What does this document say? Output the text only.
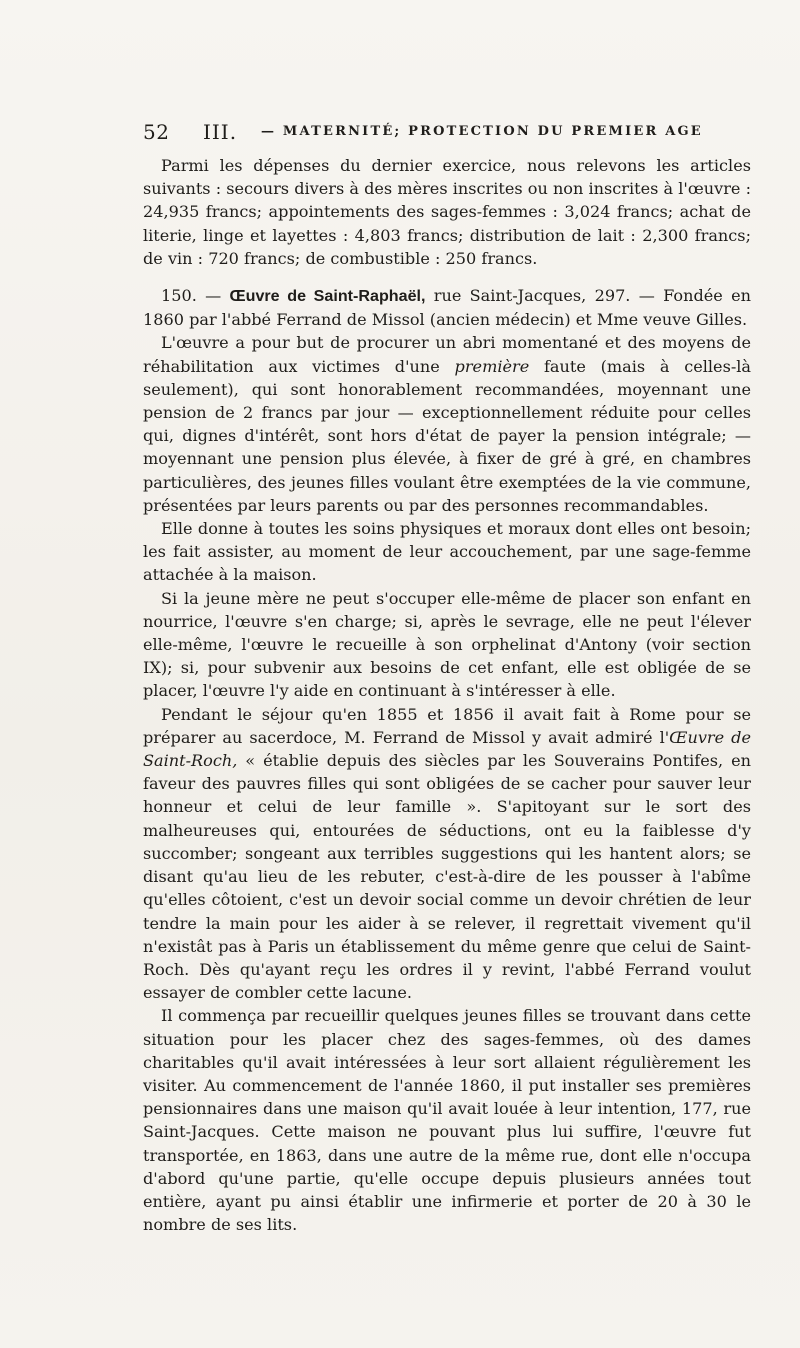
52 III. — MATERNITÉ; PROTECTION DU PREMIER AGE

Parmi les dépenses du dernier exercice, nous relevons les articles suivants : secours divers à des mères inscrites ou non inscrites à l'œuvre : 24,935 francs; appointements des sages-femmes : 3,024 francs; achat de literie, linge et layettes : 4,803 francs; distribution de lait : 2,300 francs; de vin : 720 francs; de combustible : 250 francs.

150. — Œuvre de Saint-Raphaël, rue Saint-Jacques, 297. — Fondée en 1860 par l'abbé Ferrand de Missol (ancien médecin) et Mme veuve Gilles.

L'œuvre a pour but de procurer un abri momentané et des moyens de réhabilitation aux victimes d'une première faute (mais à celles-là seulement), qui sont honorablement recommandées, moyennant une pension de 2 francs par jour — exceptionnellement réduite pour celles qui, dignes d'intérêt, sont hors d'état de payer la pension intégrale; — moyennant une pension plus élevée, à fixer de gré à gré, en chambres particulières, des jeunes filles voulant être exemptées de la vie commune, présentées par leurs parents ou par des personnes recommandables.

Elle donne à toutes les soins physiques et moraux dont elles ont besoin; les fait assister, au moment de leur accouchement, par une sage-femme attachée à la maison.

Si la jeune mère ne peut s'occuper elle-même de placer son enfant en nourrice, l'œuvre s'en charge; si, après le sevrage, elle ne peut l'élever elle-même, l'œuvre le recueille à son orphelinat d'Antony (voir section IX); si, pour subvenir aux besoins de cet enfant, elle est obligée de se placer, l'œuvre l'y aide en continuant à s'intéresser à elle.

Pendant le séjour qu'en 1855 et 1856 il avait fait à Rome pour se préparer au sacerdoce, M. Ferrand de Missol y avait admiré l'Œuvre de Saint-Roch, « établie depuis des siècles par les Souverains Pontifes, en faveur des pauvres filles qui sont obligées de se cacher pour sauver leur honneur et celui de leur famille ». S'apitoyant sur le sort des malheureuses qui, entourées de séductions, ont eu la faiblesse d'y succomber; songeant aux terribles suggestions qui les hantent alors; se disant qu'au lieu de les rebuter, c'est-à-dire de les pousser à l'abîme qu'elles côtoient, c'est un devoir social comme un devoir chrétien de leur tendre la main pour les aider à se relever, il regrettait vivement qu'il n'existât pas à Paris un établissement du même genre que celui de Saint-Roch. Dès qu'ayant reçu les ordres il y revint, l'abbé Ferrand voulut essayer de combler cette lacune.

Il commença par recueillir quelques jeunes filles se trouvant dans cette situation pour les placer chez des sages-femmes, où des dames charitables qu'il avait intéressées à leur sort allaient régulièrement les visiter. Au commencement de l'année 1860, il put installer ses premières pensionnaires dans une maison qu'il avait louée à leur intention, 177, rue Saint-Jacques. Cette maison ne pouvant plus lui suffire, l'œuvre fut transportée, en 1863, dans une autre de la même rue, dont elle n'occupa d'abord qu'une partie, qu'elle occupe depuis plusieurs années tout entière, ayant pu ainsi établir une infirmerie et porter de 20 à 30 le nombre de ses lits.
